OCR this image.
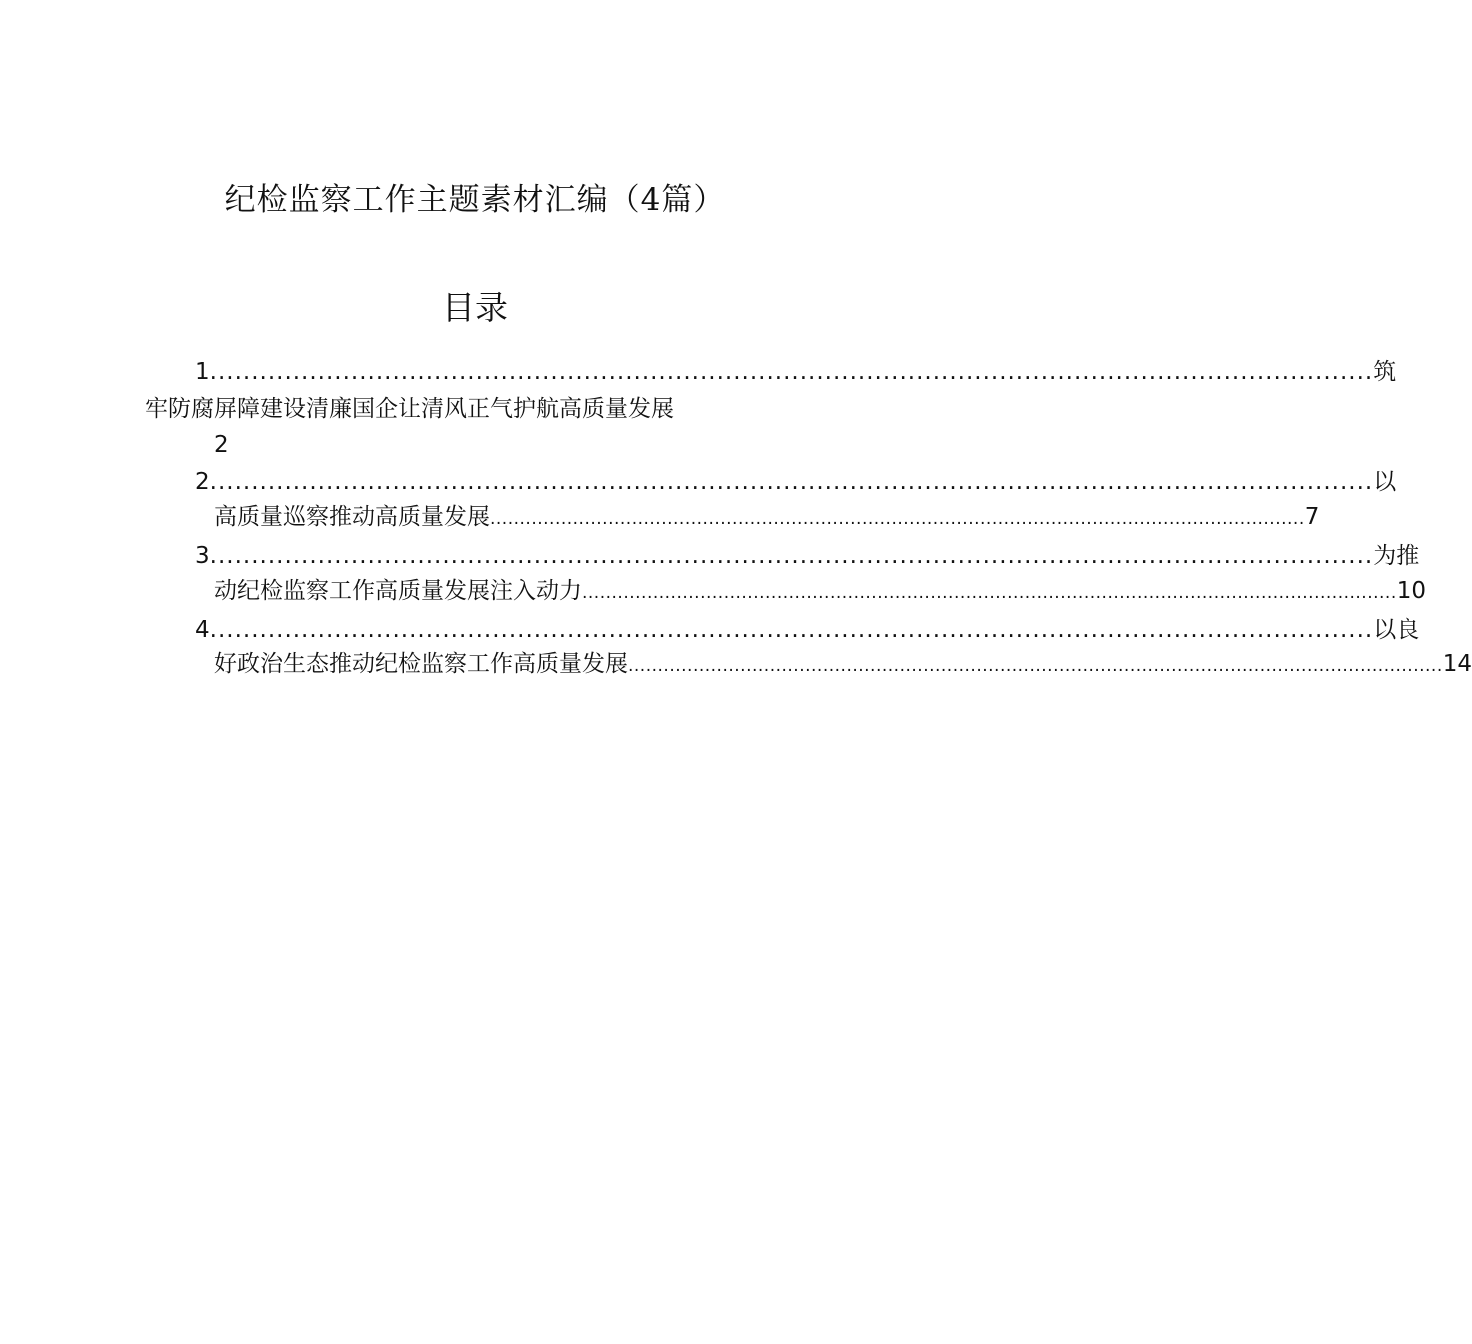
纪检监察工作主题素材汇编（4篇）
目录
1 ............................................................................................................................................ 筑
牢防腐屏障建设清廉国企让清风正气护航高质量发展
2
2 ............................................................................................................................................ 以
高质量巡察推动高质量发展 .......................................................................................................................................... 7
3 ............................................................................................................................................ 为推
动纪检监察工作高质量发展注入动力 .......................................................................................................................................... 10
4 ............................................................................................................................................ 以良
好政治生态推动纪检监察工作高质量发展 .......................................................................................................................................... 14
